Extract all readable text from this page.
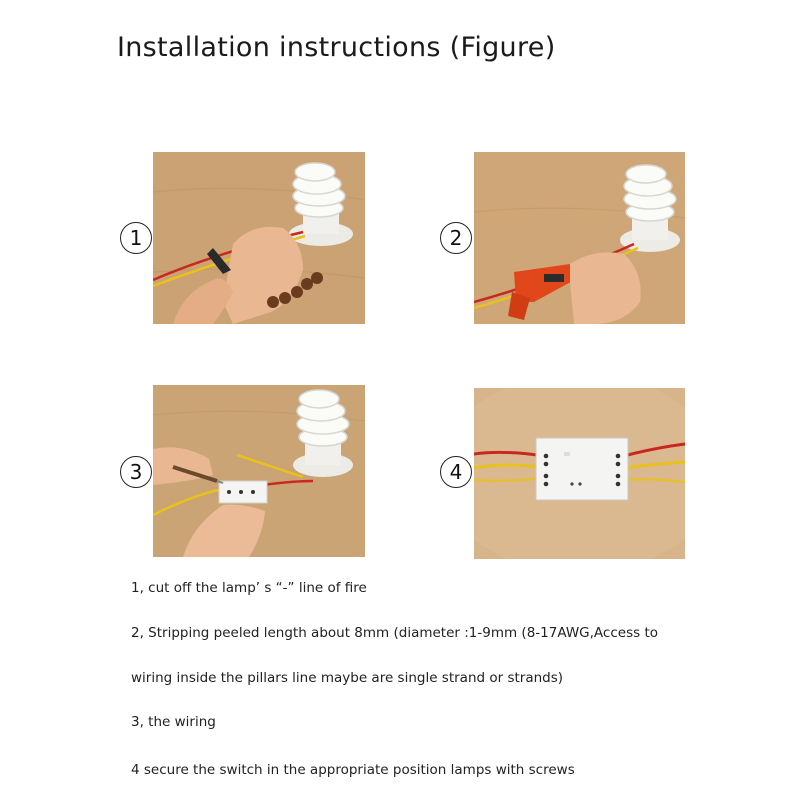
Installation instructions (Figure)
1	2
3	4
1, cut off the lamp’ s “-” line of fire
2, Stripping peeled length about 8mm (diameter :1-9mm (8-17AWG,Access to
wiring inside the pillars line maybe are single strand or strands)
3, the wiring
4 secure the switch in the appropriate position lamps with screws
